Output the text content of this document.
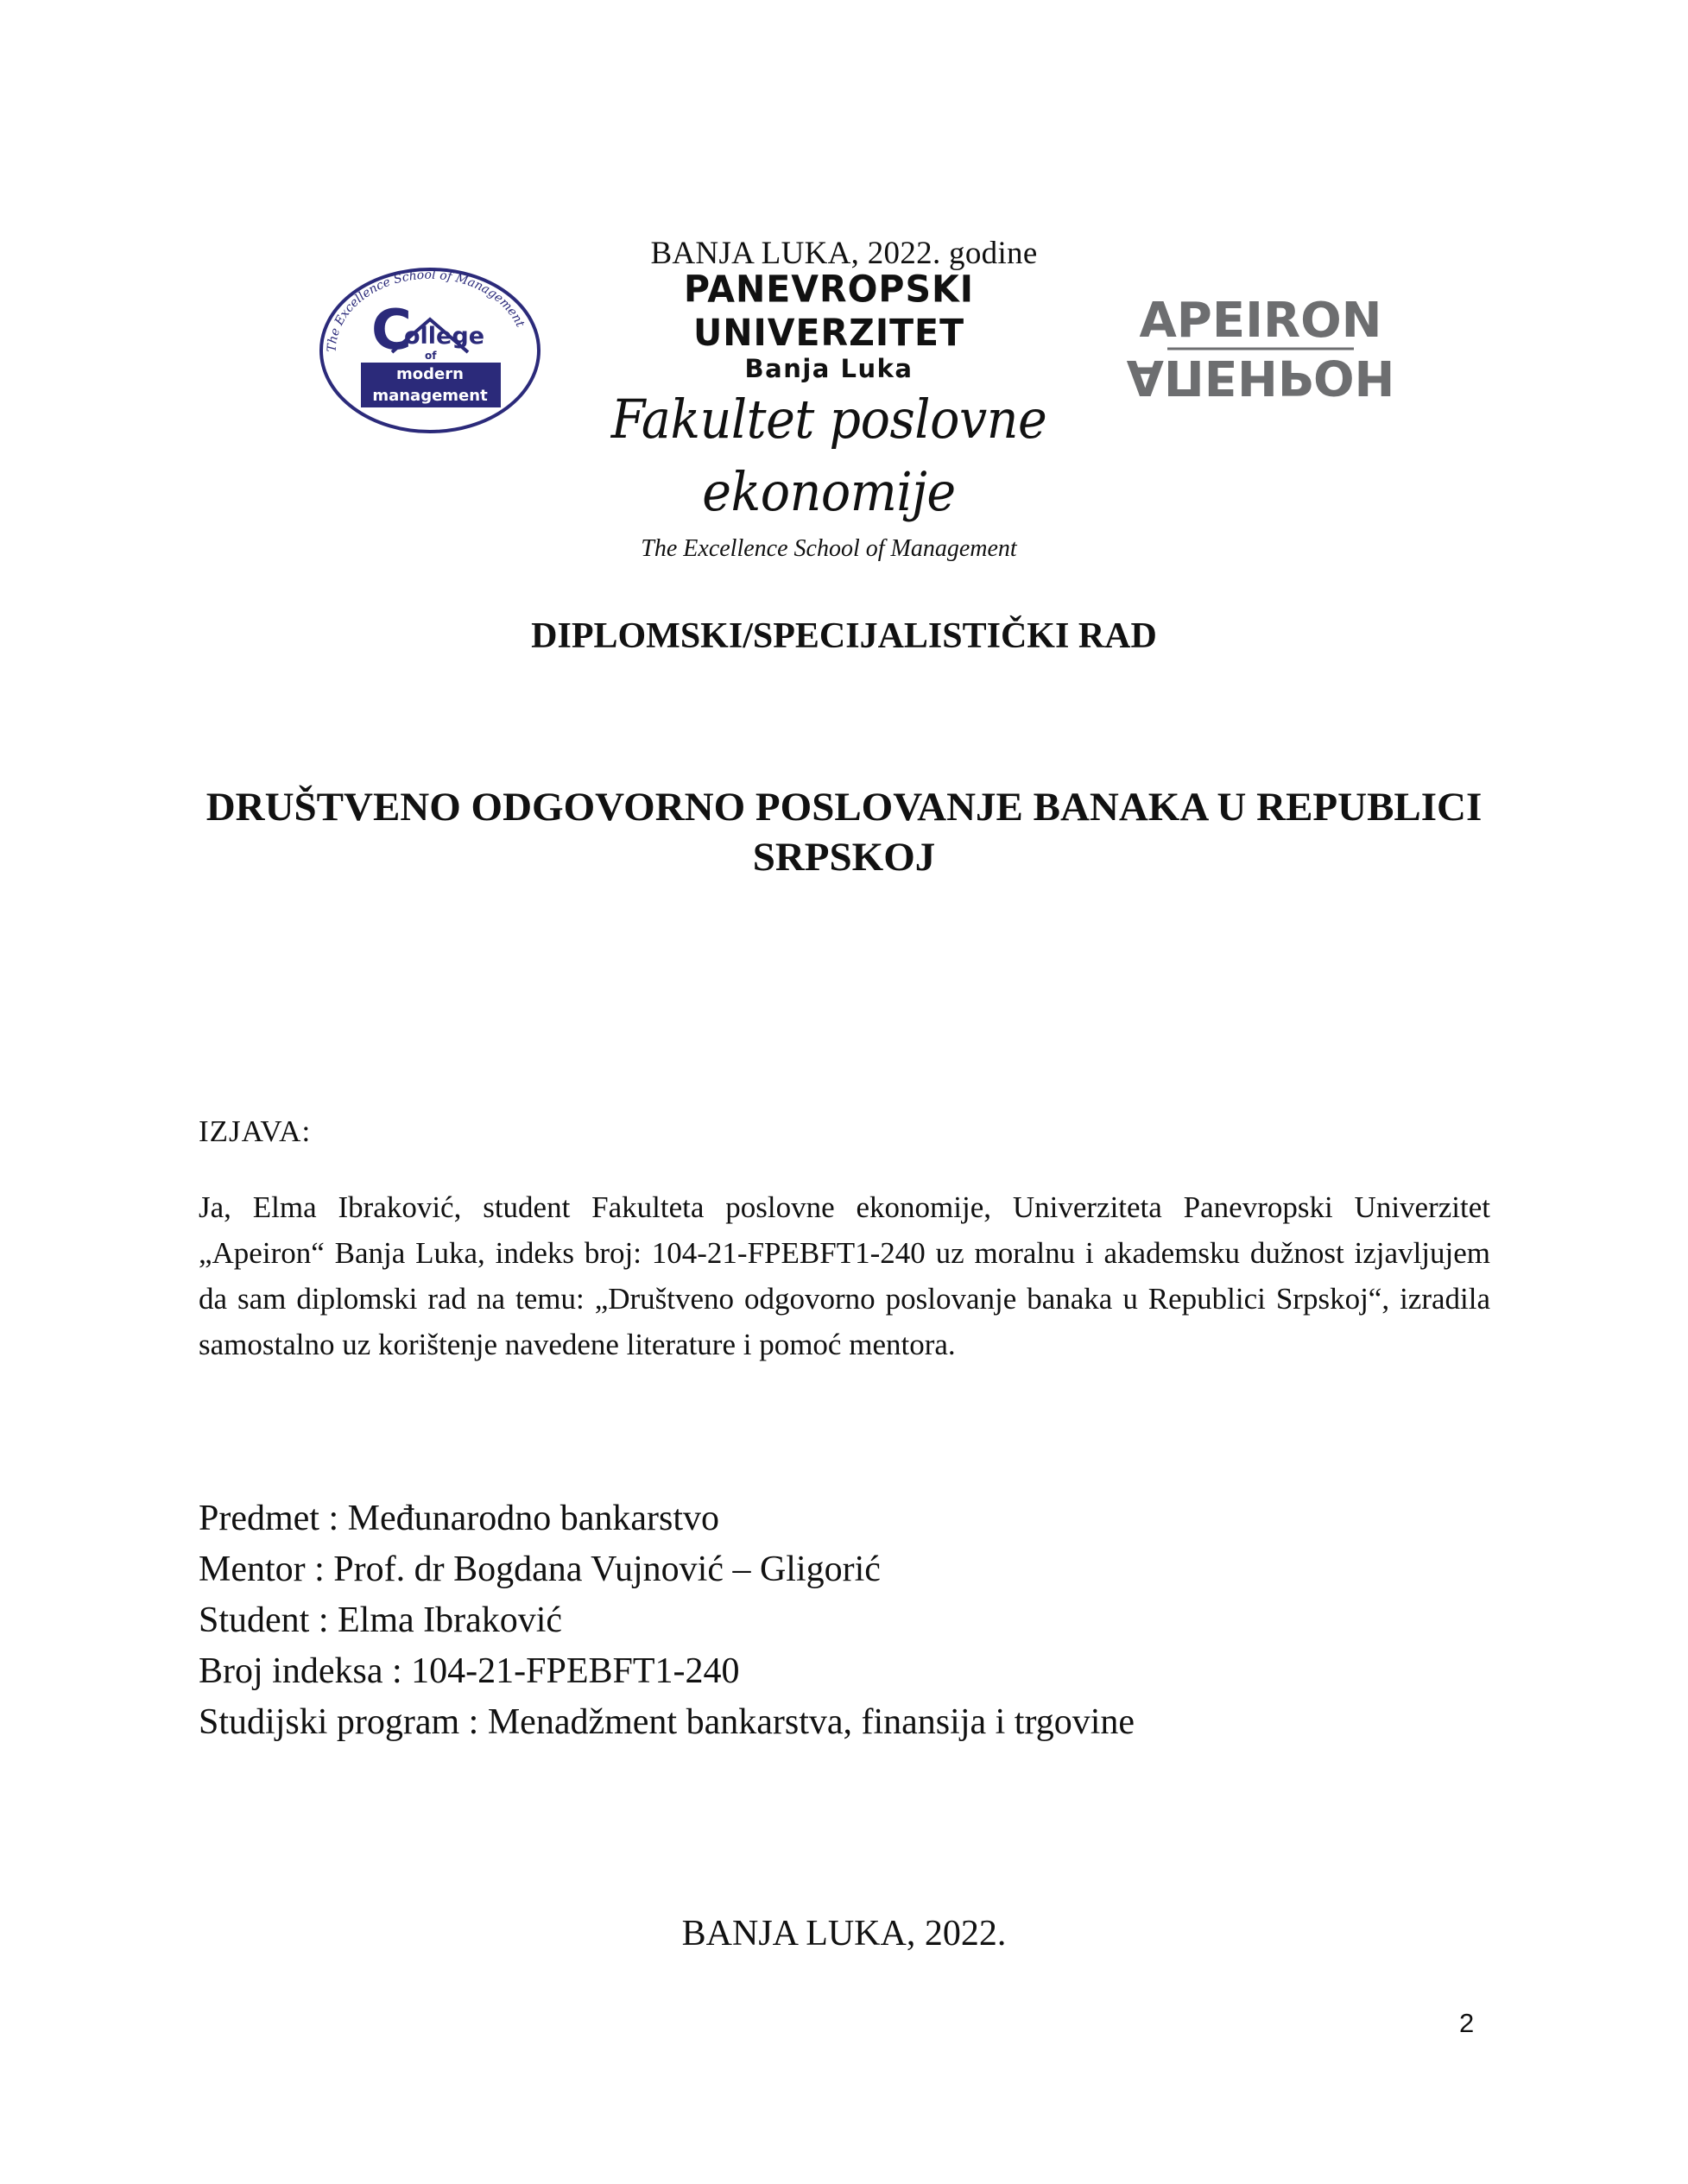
BANJA LUKA, 2022. godine
The Excellence School of Management
C
ollege
of
modern
management
PANEVROPSKI UNIVERZITET
Banja Luka
Fakultet poslovne ekonomije
The Excellence School of Management
APEIRON
АПЕНРОН
DIPLOMSKI/SPECIJALISTIČKI RAD
DRUŠTVENO ODGOVORNO POSLOVANJE BANAKA U REPUBLICI SRPSKOJ
IZJAVA:
Ja, Elma Ibraković, student Fakulteta poslovne ekonomije, Univerziteta Panevropski Univerzitet „Apeiron“ Banja Luka, indeks broj: 104-21-FPEBFT1-240 uz moralnu i akademsku dužnost izjavljujem da sam diplomski rad na temu: „Društveno odgovorno poslovanje banaka u Republici Srpskoj“, izradila samostalno uz korištenje navedene literature i pomoć mentora.
Predmet : Međunarodno bankarstvo
Mentor : Prof. dr Bogdana Vujnović – Gligorić
Student : Elma Ibraković
Broj indeksa : 104-21-FPEBFT1-240
Studijski program : Menadžment bankarstva, finansija i trgovine
BANJA LUKA, 2022.
2
